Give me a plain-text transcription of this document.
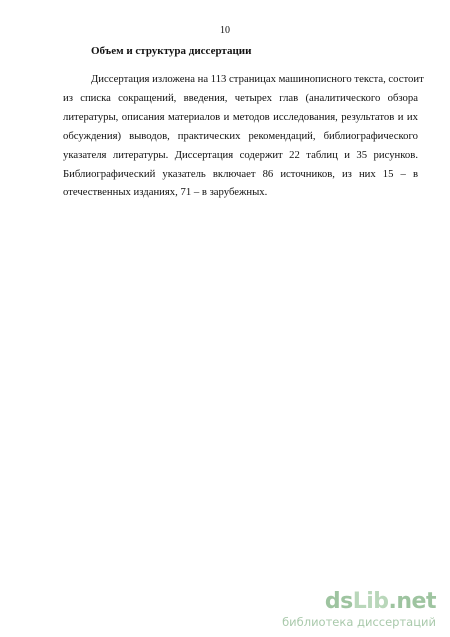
10

Объем и структура диссертации

Диссертация изложена на 113 страницах машинописного текста, состоит
из списка сокращений, введения, четырех глав (аналитического обзора
литературы, описания материалов и методов исследования, результатов и их
обсуждения) выводов, практических рекомендаций, библиографического
указателя литературы. Диссертация содержит 22 таблиц и 35 рисунков.
Библиографический указатель включает 86 источников, из них 15 – в
отечественных изданиях, 71 – в зарубежных.

dsLib.net
библиотека диссертаций
